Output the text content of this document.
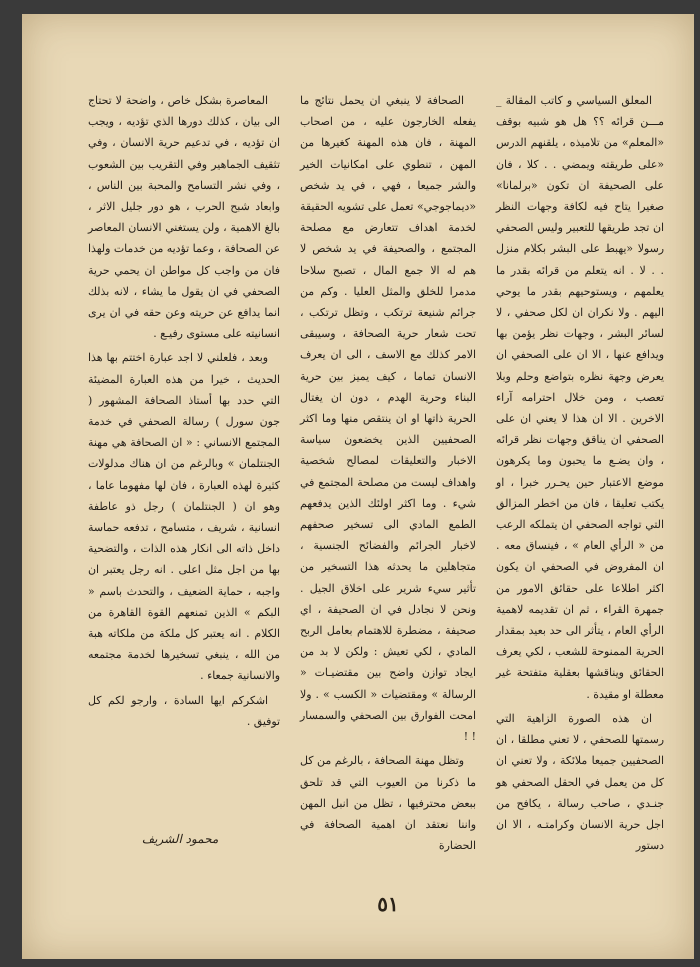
المعلق السياسي و كاتب المقالة _ مـــن قرائه ؟؟ هل هو شبيه بوقف «المعلم» من تلاميذه ، يلقنهم الدرس «على طريقته ويمضي . . كلا ، فان على الصحيفة ان تكون «برلمانا» صغيرا يتاح فيه لكافة وجهات النظر ان تجد طريقها للتعبير وليس الصحفي رسولا «يهبط على البشر بكلام منزل . . لا . انه يتعلم من قرائه بقدر ما يعلمهم ، ويستوحيهم بقدر ما يوحي اليهم . ولا نكران ان لكل صحفي ، لا لسائر البشر ، وجهات نظر يؤمن بها ويدافع عنها ، الا ان على الصحفي ان يعرض وجهة نظره بتواضع وحلم وبلا تعصب ، ومن خلال احترامه آراء الاخرين . الا ان هذا لا يعني ان على الصحفي ان يناقق وجهات نظر قرائه ، وان يضـع ما يحبون وما يكرهون موضع الاعتبار حين يحـرر خبرا ، او يكتب تعليقا ، فان من اخطر المزالق التي تواجه الصحفي ان يتملكه الرعب من « الرأي العام » ، فينساق معه . ان المفروض في الصحفي ان يكون اكثر اطلاعا على حقائق الامور من جمهرة القراء ، ثم ان تقديمه لاهمية الرأي العام ، يتأثر الى حد بعيد بمقدار الحرية الممنوحة للشعب ، لكي يعرف الحقائق ويناقشها بعقلية متفتحة غير معطلة او مقيدة .

ان هذه الصورة الزاهية التي رسمتها للصحفي ، لا تعني مطلقا ، ان الصحفيين جميعا ملائكة ، ولا تعني ان كل من يعمل في الحقل الصحفي هو جنـدي ، صاحب رسالة ، يكافح من اجل حرية الانسان وكرامتـه ، الا ان دستور

الصحافة لا ينبغي ان يحمل نتائج ما يفعله الخارجون عليه ، من اصحاب المهنة ، فان هذه المهنة كغيرها من المهن ، تنطوي على امكانيات الخير والشر جميعا ، فهي ، في يد شخص «ديماجوجي» تعمل على تشويه الحقيقة لخدمة اهداف تتعارض مع مصلحة المجتمع ، والصحيفة في يد شخص لا هم له الا جمع المال ، تصبح سلاحا مدمرا للخلق والمثل العليا . وكم من جرائم شنيعة ترتكب ، وتظل ترتكب ، تحت شعار حرية الصحافة ، وسيبقى الامر كذلك مع الاسف ، الى ان يعرف الانسان تماما ، كيف يميز بين حرية البناء وحرية الهدم ، دون ان يغتال الحرية ذاتها او ان ينتقص منها وما اكثر الصحفيين الذين يخضعون سياسة الاخبار والتعليقات لمصالح شخصية واهداف ليست من مصلحة المجتمع في شيء . وما اكثر اولئك الذين يدفعهم الطمع المادي الى تسخير صحفهم لاخبار الجرائم والفضائح الجنسية ، متجاهلين ما يحدثه هذا التسخير من تأثير سيء شرير على اخلاق الجيل . ونحن لا نجادل في ان الصحيفة ، اي صحيفة ، مضطرة للاهتمام بعامل الربح المادي ، لكي تعيش : ولكن لا بد من ايجاد توازن واضح بين مقتضيـات « الرسالة » ومقتضيات « الكسب » . ولا امحت الفوارق بين الصحفي والسمسار ! !

وتظل مهنة الصحافة ، بالرغم من كل ما ذكرنا من العيوب التي قد تلحق ببعض محترفيها ، تظل من انبل المهن واننا نعتقد ان اهمية الصحافة في الحضارة

المعاصرة بشكل خاص ، واضحة لا تحتاج الى بيان ، كذلك دورها الذي تؤديه ، ويجب ان تؤديه ، في تدعيم حرية الانسان ، وفي تثقيف الجماهير وفي التقريب بين الشعوب ، وفي نشر التسامح والمحبة بين الناس ، وابعاد شبح الحرب ، هو دور جليل الاثر ، بالغ الاهمية ، ولن يستغني الانسان المعاصر عن الصحافة ، وعما تؤديه من خدمات ولهذا فان من واجب كل مواطن ان يحمي حرية الصحفي في ان يقول ما يشاء ، لانه بذلك انما يدافع عن حريته وعن حقه في ان يرى انسانيته على مستوى رفيـع .

وبعد ، فلعلني لا اجد عبارة اختتم بها هذا الحديث ، خيرا من هذه العبارة المضيئة التي حدد بها أستاذ الصحافة المشهور ( جون سورل ) رسالة الصحفي في خدمة المجتمع الانساني : « ان الصحافة هي مهنة الجنتلمان » وبالرغم من ان هناك مدلولات كثيرة لهذه العبارة ، فان لها مفهوما عاما ، وهو ان ( الجنتلمان ) رجل ذو عاطفة انسانية ، شريف ، متسامح ، تدفعه حماسة داخل ذاته الى انكار هذه الذات ، والتضحية بها من اجل مثل اعلى . انه رجل يعتبر ان واجبه ، حماية الضعيف ، والتحدث باسم « البكم » الذين تمنعهم القوة القاهرة من الكلام . انه يعتبر كل ملكة من ملكاته هبة من الله ، ينبغي تسخيرها لخدمة مجتمعه والانسانية جمعاء .

اشكركم ايها السادة ، وارجو لكم كل توفيق .

محمود الشريف
٥١
